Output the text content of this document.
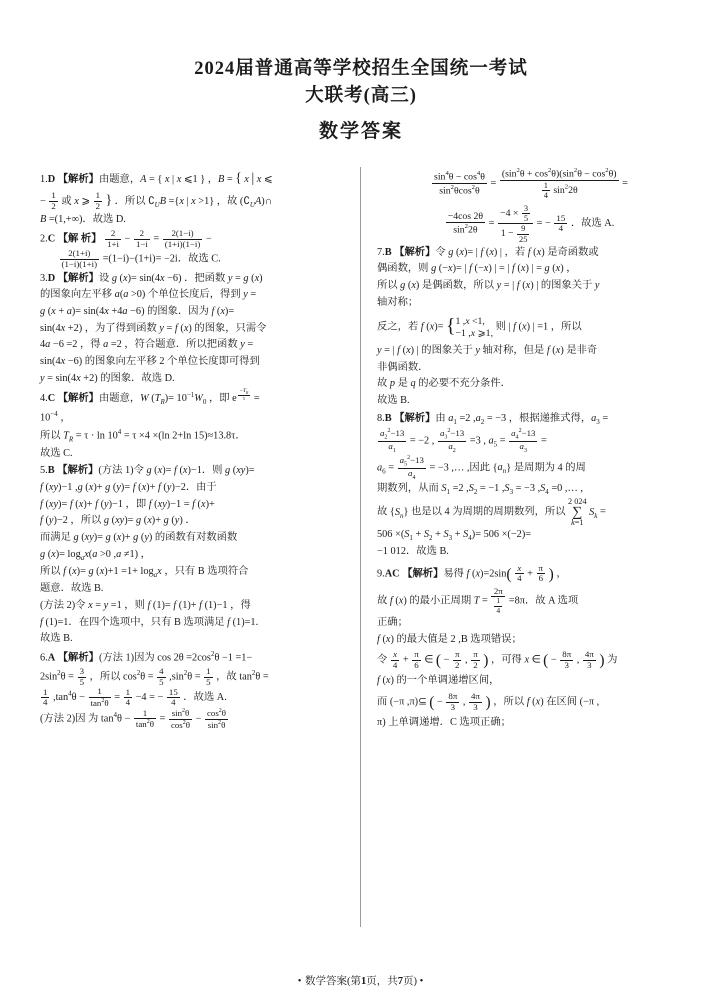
2024届普通高等学校招生全国统一考试
大联考(高三)
数学答案

1.D 【解析】由题意，A = { x | x ⩽1 } ，B = { x | x ⩽

− $\frac{1}{2}$ 或 x ⩾ $\frac{1}{2}$ } ．所以 $∁_UB =\{x$ | x >1} ，故 $(∁_UA)\cap$

B =(1,+∞)．故选 D.

2.C 【解 析】 $\frac{2}{1+i} - \frac{2}{1-i} = \frac{2(1-i)}{(1+i)(1-i)}$ −

$\frac{2(1+i)}{(1-i)(1+i)} =(1-i)-(1+i)= -2i$．故选 C.

3.D 【解析】设 g (x)= sin(4x −6) ．把函数 y = g (x)

的图象向左平移 a(a >0) 个单位长度后，得到 y =

g (x + a)= sin(4x +4a −6) 的图象．因为 f (x)=

sin(4x +2) ，为了得到函数 y = f (x) 的图象，只需令

4a −6 =2 ，得 a =2 ，符合题意．所以把函数 y =

sin(4x −6) 的图象向左平移 2 个单位长度即可得到

y = sin(4x +2) 的图象．故选 D.

4.C 【解析】由题意，W $(T_R)= 10^{-1}W_0$ ，即 e $^{\frac{-T_R}{\tau}}$ =

$10^{-4}$ ，

所以 $T_R = \tau \cdot \ln 10^4 = \tau \times 4 \times(\ln$ 2+ln 15)≈13.8τ．

故选 C.

5.B 【解析】(方法 1)令 g (x)= f (x)−1．则 g (xy)=

f (xy)−1 ,g (x)+ g (y)= f (x)+ f (y)−2．由于

f (xy)= f (x)+ f (y)−1 ，即 f (xy)−1 = f (x)+

f (y)−2 ，所以 g (xy)= g (x)+ g (y) ．

而满足 g (xy)= g (x)+ g (y) 的函数有对数函数

g $(x)= \log_ax(a >0$ ,a ≠1) ，

所以 f (x)= g $(x)+1 =1+ \log_ax$ ，只有 B 选项符合

题意．故选 B.

(方法 2)令 x = y =1 ，则 f (1)= f (1)+ f (1)−1 ，得

f (1)=1．在四个选项中，只有 B 选项满足 f (1)=1.

故选 B.

6.A 【解析】(方法 1)因为 $\cos 2\theta =2\cos^2\theta -1 =1-$

$2\sin^2\theta = \frac{3}{5}$ ，所以 $\cos^2\theta = \frac{4}{5} ,\sin^2\theta = \frac{1}{5}$ ，故 $\tan^2\theta$ =

$\frac{1}{4} ,\tan^4\theta - \frac{1}{\tan^2\theta} = \frac{1}{4} -4$ = − $\frac{15}{4}$ ．故选 A.

(方法 2)因 为 $\tan^4\theta - \frac{1}{\tan^2\theta} = \frac{\sin^2\theta}{\cos^2\theta} - \frac{\cos^2\theta}{\sin^2\theta}$

$\frac{\sin^4\theta - \cos^4\theta}{\sin^2\theta\cos^2\theta} = \frac{(\sin^2\theta + \cos^2\theta)(\sin^2\theta - \cos^2\theta)}{\frac{1}{4} \sin^22\theta}$ =

$\frac{-4\cos 2\theta}{\sin^22\theta} = \frac{-4 \times \frac{3}{5}}{1 - \frac{9}{25}}$ = − $\frac{15}{4}$ ．故选 A.

7.B 【解析】令 g (x)= | f (x) | ，若 f (x) 是奇函数或

偶函数，则 g (−x)= | f (−x) | = | f (x) | = g (x) ，

所以 g (x) 是偶函数，所以 y = | f (x) | 的图象关于 y

轴对称；

反之，若 f (x)= { 1 ,x <1,
−1 ,x ⩾1,
则 | f (x) | =1 ，所以

y = | f (x) | 的图象关于 y 轴对称，但是 f (x) 是非奇

非偶函数．

故 p 是 q 的必要不充分条件．

故选 B.

8.B 【解析】由 $a_1 =2$ $,a_2 = -3$ ，根据递推式得，$a_3$ =

$\frac{a_2^2-13}{a_1} = -2$ , $\frac{a_3^2-13}{a_2} =3$ , $a_5 = \frac{a_4^2-13}{a_3}$ =

$a_6 = \frac{a_5^2-13}{a_4} = -3$ ,… ,因此 $\{a_n\}$ 是周期为 4 的周

期数列，从而 $S_1 =2$ $,S_2 = -1$ $,S_3 = -3$ $,S_4 =0$ ,… ,

故 $\{S_n\}$ 也是以 4 为周期的周期数列，所以
2 024
∑
k=1
$S_k$ =

$506 \times(S_1 + S_2 + S_3 + S_4)= 506 \times(-2)=$

−1 012．故选 B.

9.AC 【解析】易得 f $(x)=2\sin( \frac{x}{4} + \frac{\pi}{6}$ ) ，

故 f (x) 的最小正周期 $T = \frac{2\pi}{\frac{1}{4}} =8\pi$．故 A 选项

正确；

f (x) 的最大值是 2 ,B 选项错误；

令 $\frac{x}{4} + \frac{\pi}{6}$ ∈ ( − $\frac{\pi}{2}$ , $\frac{\pi}{2}$ ) ，可得 x ∈ ( − $\frac{8\pi}{3}$ , $\frac{4\pi}{3}$ ) 为

f (x) 的一个单调递增区间，

而 (−π ,π)⊆ ( − $\frac{8\pi}{3}$ , $\frac{4\pi}{3}$ ) ，所以 f (x) 在区间 (−π ,

π) 上单调递增．C 选项正确；

• 数学答案(第1页，共7页) •
